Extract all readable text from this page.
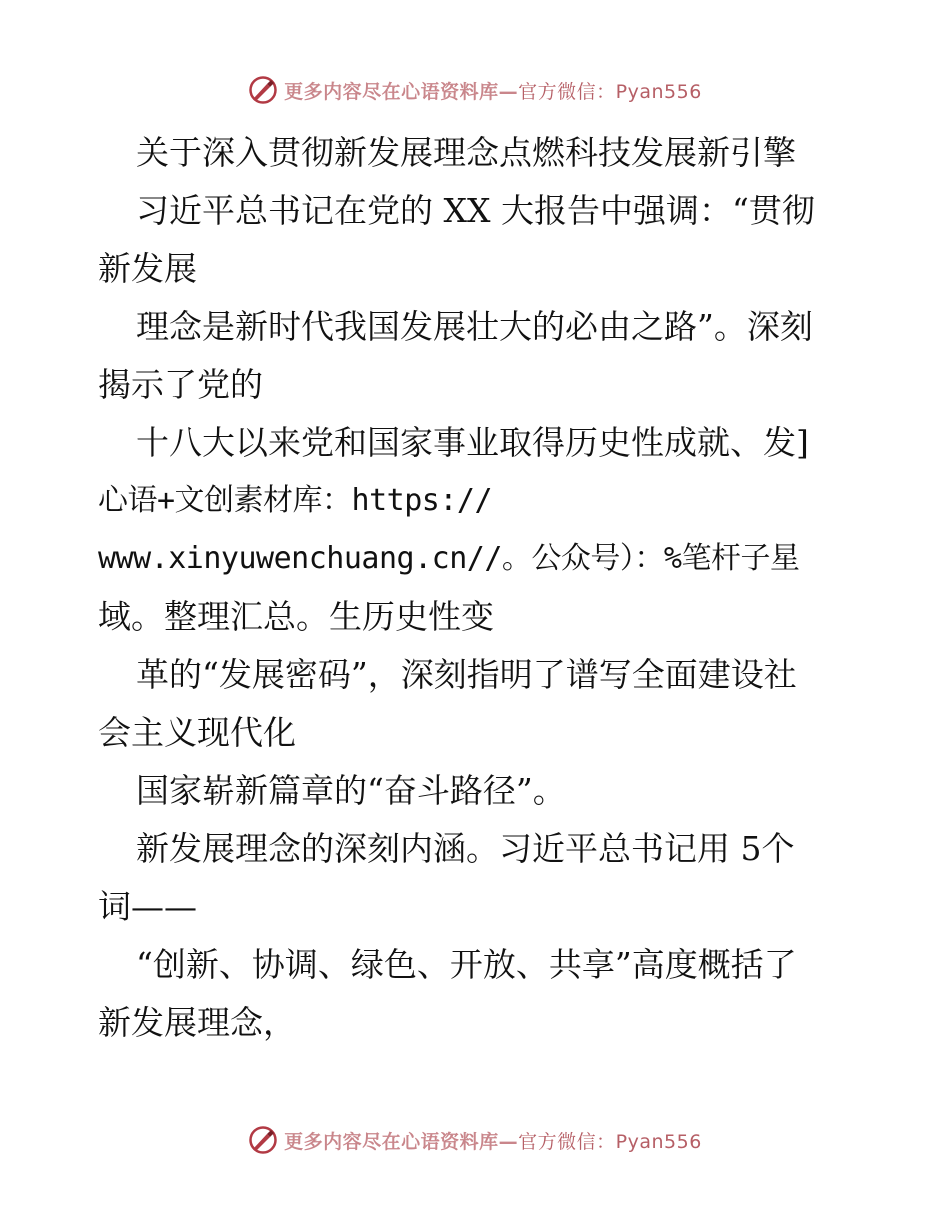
更多内容尽在心语资料库—官方微信：Pyan556
关于深入贯彻新发展理念点燃科技发展新引擎
习近平总书记在党的 XX 大报告中强调：“贯彻
新发展
理念是新时代我国发展壮大的必由之路”。深刻
揭示了党的
十八大以来党和国家事业取得历史性成就、发]
心语+文创素材库：https://
www.xinyuwenchuang.cn//。公众号）：%笔杆子星
域。整理汇总。生历史性变
革的“发展密码”，深刻指明了谱写全面建设社
会主义现代化
国家崭新篇章的“奋斗路径”。
新发展理念的深刻内涵。习近平总书记用 5个
词——
“创新、协调、绿色、开放、共享”高度概括了
新发展理念，
更多内容尽在心语资料库—官方微信：Pyan556
